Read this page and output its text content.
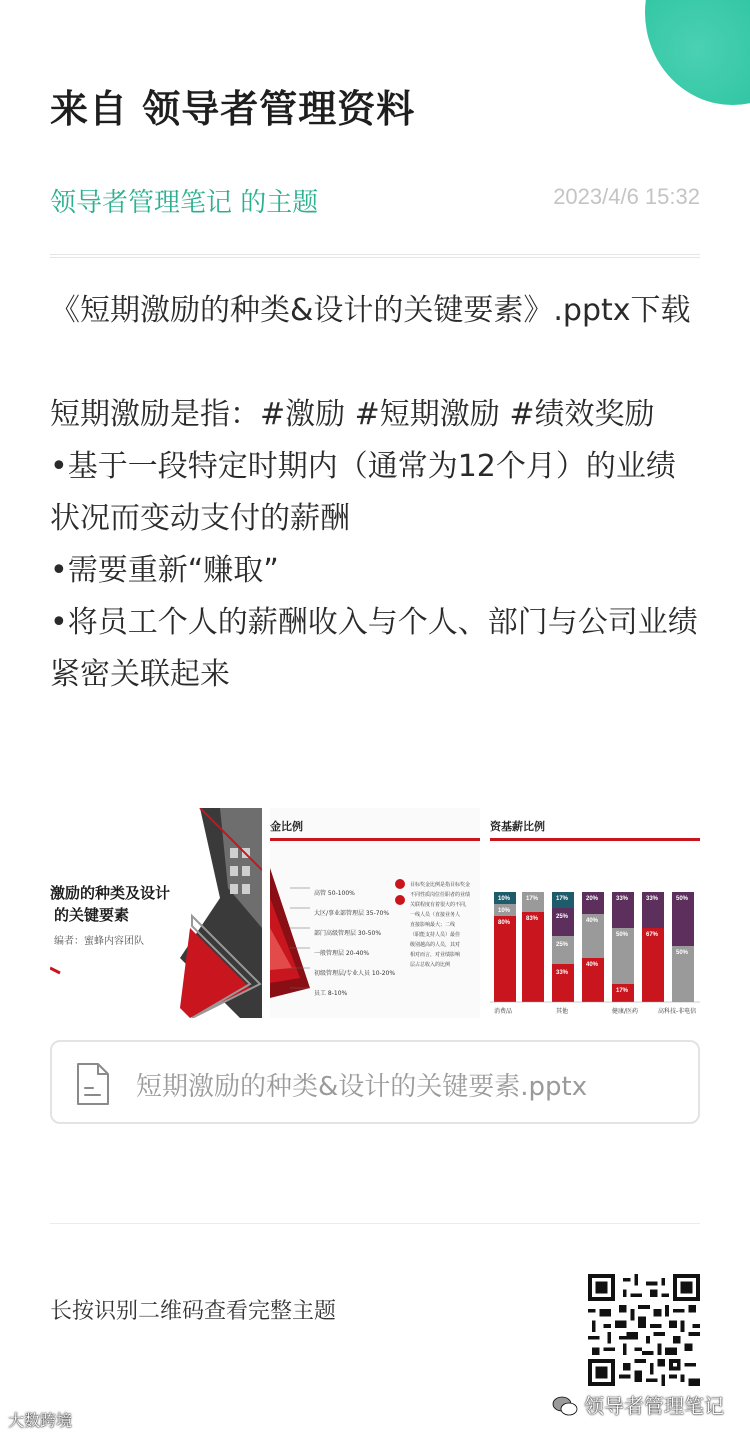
来自 领导者管理资料
领导者管理笔记 的主题	2023/4/6 15:32

《短期激励的种类&设计的关键要素》.pptx下载

短期激励是指：#激励 #短期激励 #绩效奖励

•基于一段特定时期内（通常为12个月）的业绩状况而变动支付的薪酬

•需要重新“赚取”

•将员工个人的薪酬收入与个人、部门与公司业绩紧密关联起来

激励的种类及设计
的关键要素
编者：蜜蜂内容团队
金比例
高管 50-100%
大区/事业部管理层 35-70%
部门高级管理层 30-50%
一般管理层 20-40%
初级管理层/专业人员 10-20%
员工 8-10%
目标奖金比例是指目标奖金
不同性质岗位任职者的业绩
关联程度有着很大的不同，
一线人员（直接业务人
直接影响最大；二线
（职能支持人员）最佳
级别越高的人员，其对
相对而言，对业绩影响
层占总收入的比例
10%
10%
80%
17%
83%
17%
25%
25%
33%
20%
40%
40%
33%
50%
17%
33%
67%
50%
50%
资基薪比例
消费品	其他	健康/医药	高科技-非电信
短期激励的种类&设计的关键要素.pptx
长按识别二维码查看完整主题
领导者管理笔记
大数跨境
